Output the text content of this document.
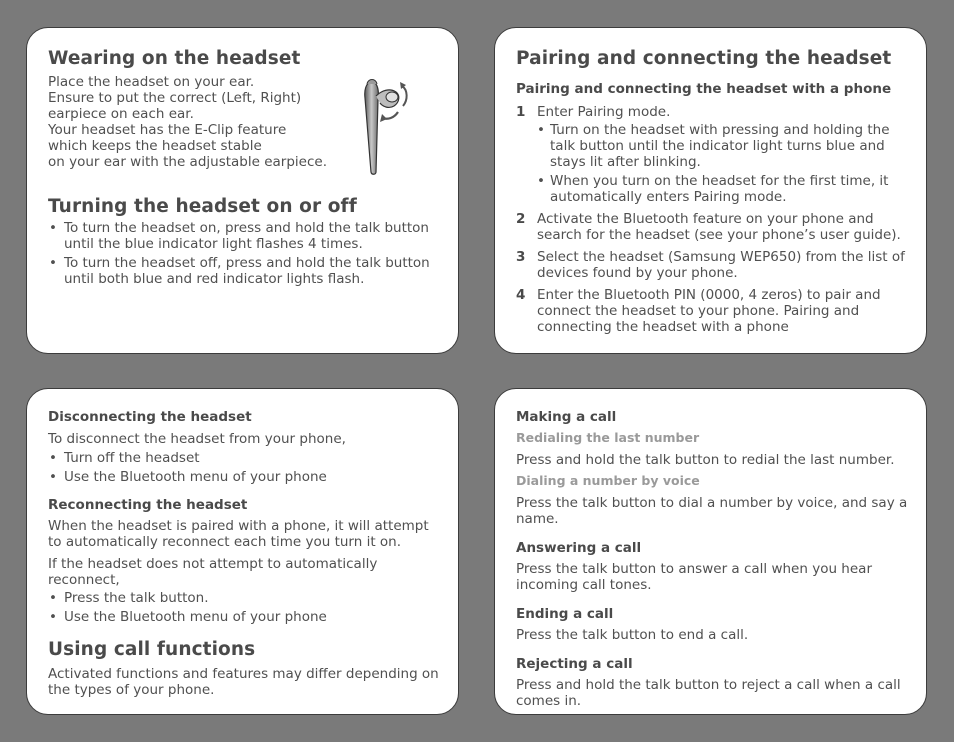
Wearing on the headset

Place the headset on your ear.
Ensure to put the correct (Left, Right)
earpiece on each ear.
Your headset has the E-Clip feature
which keeps the headset stable
on your ear with the adjustable earpiece.

Turning the headset on or off
• To turn the headset on, press and hold the talk button until the blue indicator light flashes 4 times.
• To turn the headset off, press and hold the talk button until both blue and red indicator lights flash.
Pairing and connecting the headset
Pairing and connecting the headset with a phone
1 Enter Pairing mode.
• Turn on the headset with pressing and holding the talk button until the indicator light turns blue and stays lit after blinking.
• When you turn on the headset for the first time, it automatically enters Pairing mode.
2 Activate the Bluetooth feature on your phone and search for the headset (see your phone’s user guide).
3 Select the headset (Samsung WEP650) from the list of devices found by your phone.
4 Enter the Bluetooth PIN (0000, 4 zeros) to pair and connect the headset to your phone. Pairing and connecting the headset with a phone
Disconnecting the headset

To disconnect the headset from your phone,

• Turn off the headset
• Use the Bluetooth menu of your phone
Reconnecting the headset

When the headset is paired with a phone, it will attempt to automatically reconnect each time you turn it on.

If the headset does not attempt to automatically reconnect,

• Press the talk button.
• Use the Bluetooth menu of your phone
Using call functions

Activated functions and features may differ depending on the types of your phone.

Making a call
Redialing the last number

Press and hold the talk button to redial the last number.

Dialing a number by voice

Press the talk button to dial a number by voice, and say a name.

Answering a call

Press the talk button to answer a call when you hear incoming call tones.

Ending a call

Press the talk button to end a call.

Rejecting a call

Press and hold the talk button to reject a call when a call comes in.
